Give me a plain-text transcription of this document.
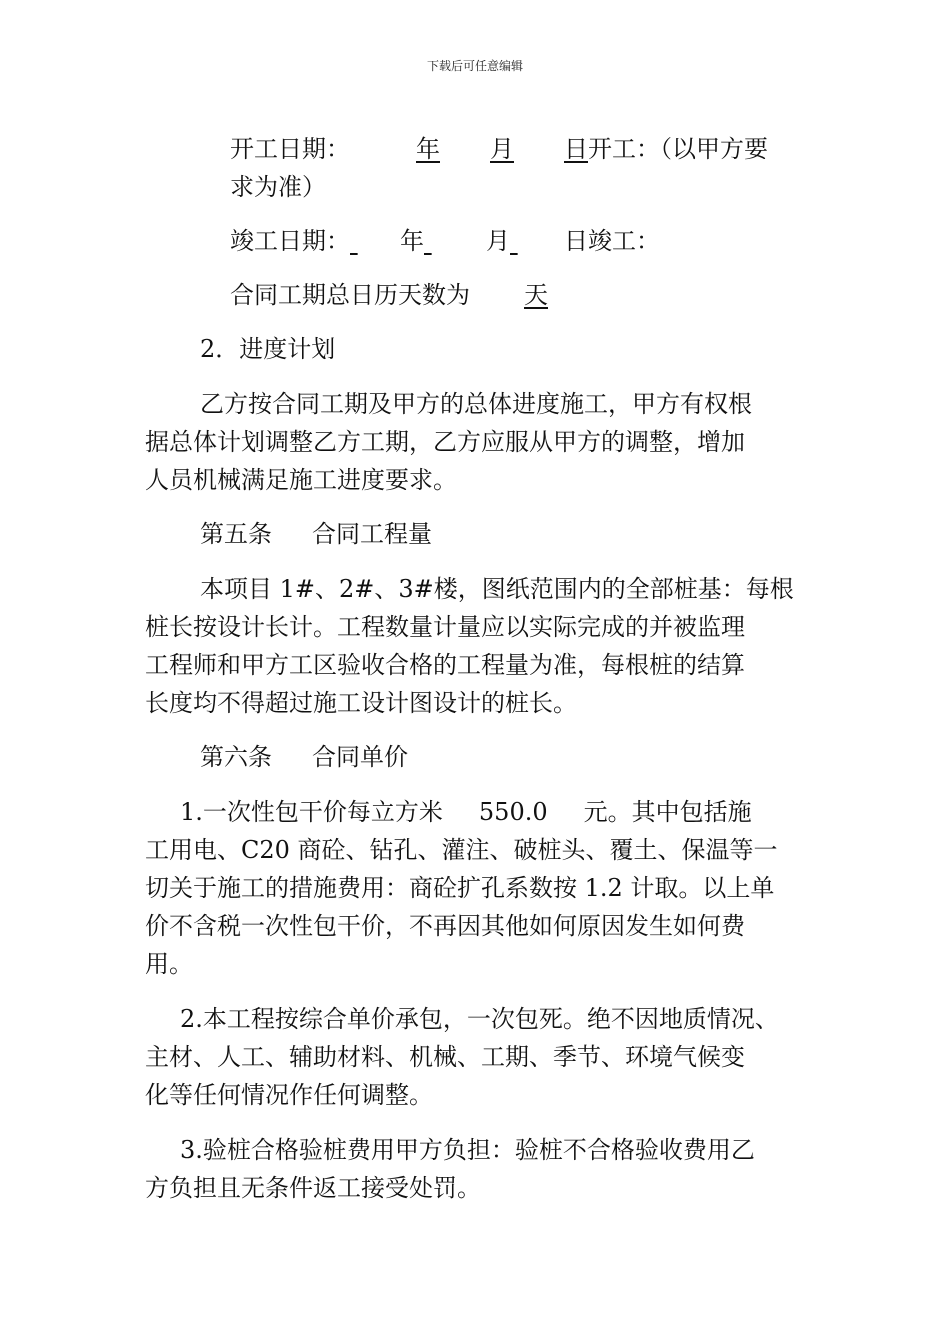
下载后可任意编辑
开工日期：	年 月 日开工：（以甲方要
求为准）
竣工日期： 年	月 日竣工：
合同工期总日历天数为 天
2．进度计划
乙方按合同工期及甲方的总体进度施工，甲方有权根
据总体计划调整乙方工期，乙方应服从甲方的调整，增加
人员机械满足施工进度要求。
第五条 合同工程量
本项目 1#、2#、3#楼，图纸范围内的全部桩基：每根
桩长按设计长计。工程数量计量应以实际完成的并被监理
工程师和甲方工区验收合格的工程量为准，每根桩的结算
长度均不得超过施工设计图设计的桩长。
第六条 合同单价
1.一次性包干价每立方米 550.0 元。其中包括施
工用电、C20 商砼、钻孔、灌注、破桩头、覆土、保温等一
切关于施工的措施费用：商砼扩孔系数按 1.2 计取。以上单
价不含税一次性包干价，不再因其他如何原因发生如何费
用。
2.本工程按综合单价承包，一次包死。绝不因地质情况、
主材、人工、辅助材料、机械、工期、季节、环境气候变
化等任何情况作任何调整。
3.验桩合格验桩费用甲方负担：验桩不合格验收费用乙
方负担且无条件返工接受处罚。
